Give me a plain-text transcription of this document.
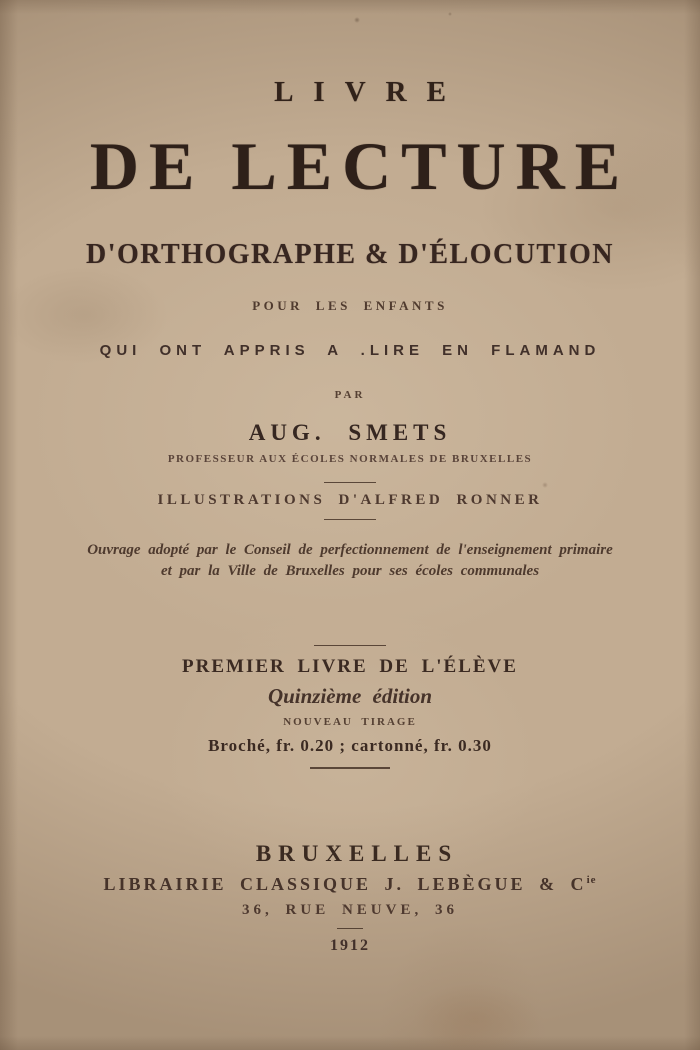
LIVRE
DE LECTURE
D'ORTHOGRAPHE & D'ÉLOCUTION
POUR LES ENFANTS
QUI ONT APPRIS A .LIRE EN FLAMAND
PAR
AUG. SMETS
PROFESSEUR AUX ÉCOLES NORMALES DE BRUXELLES
ILLUSTRATIONS D'ALFRED RONNER
Ouvrage adopté par le Conseil de perfectionnement de l'enseignement primaire
et par la Ville de Bruxelles pour ses écoles communales
PREMIER LIVRE DE L'ÉLÈVE
Quinzième édition
NOUVEAU TIRAGE
Broché, fr. 0.20 ; cartonné, fr. 0.30
BRUXELLES
LIBRAIRIE CLASSIQUE J. LEBÈGUE & $C^{ie}$
36, RUE NEUVE, 36
1912
